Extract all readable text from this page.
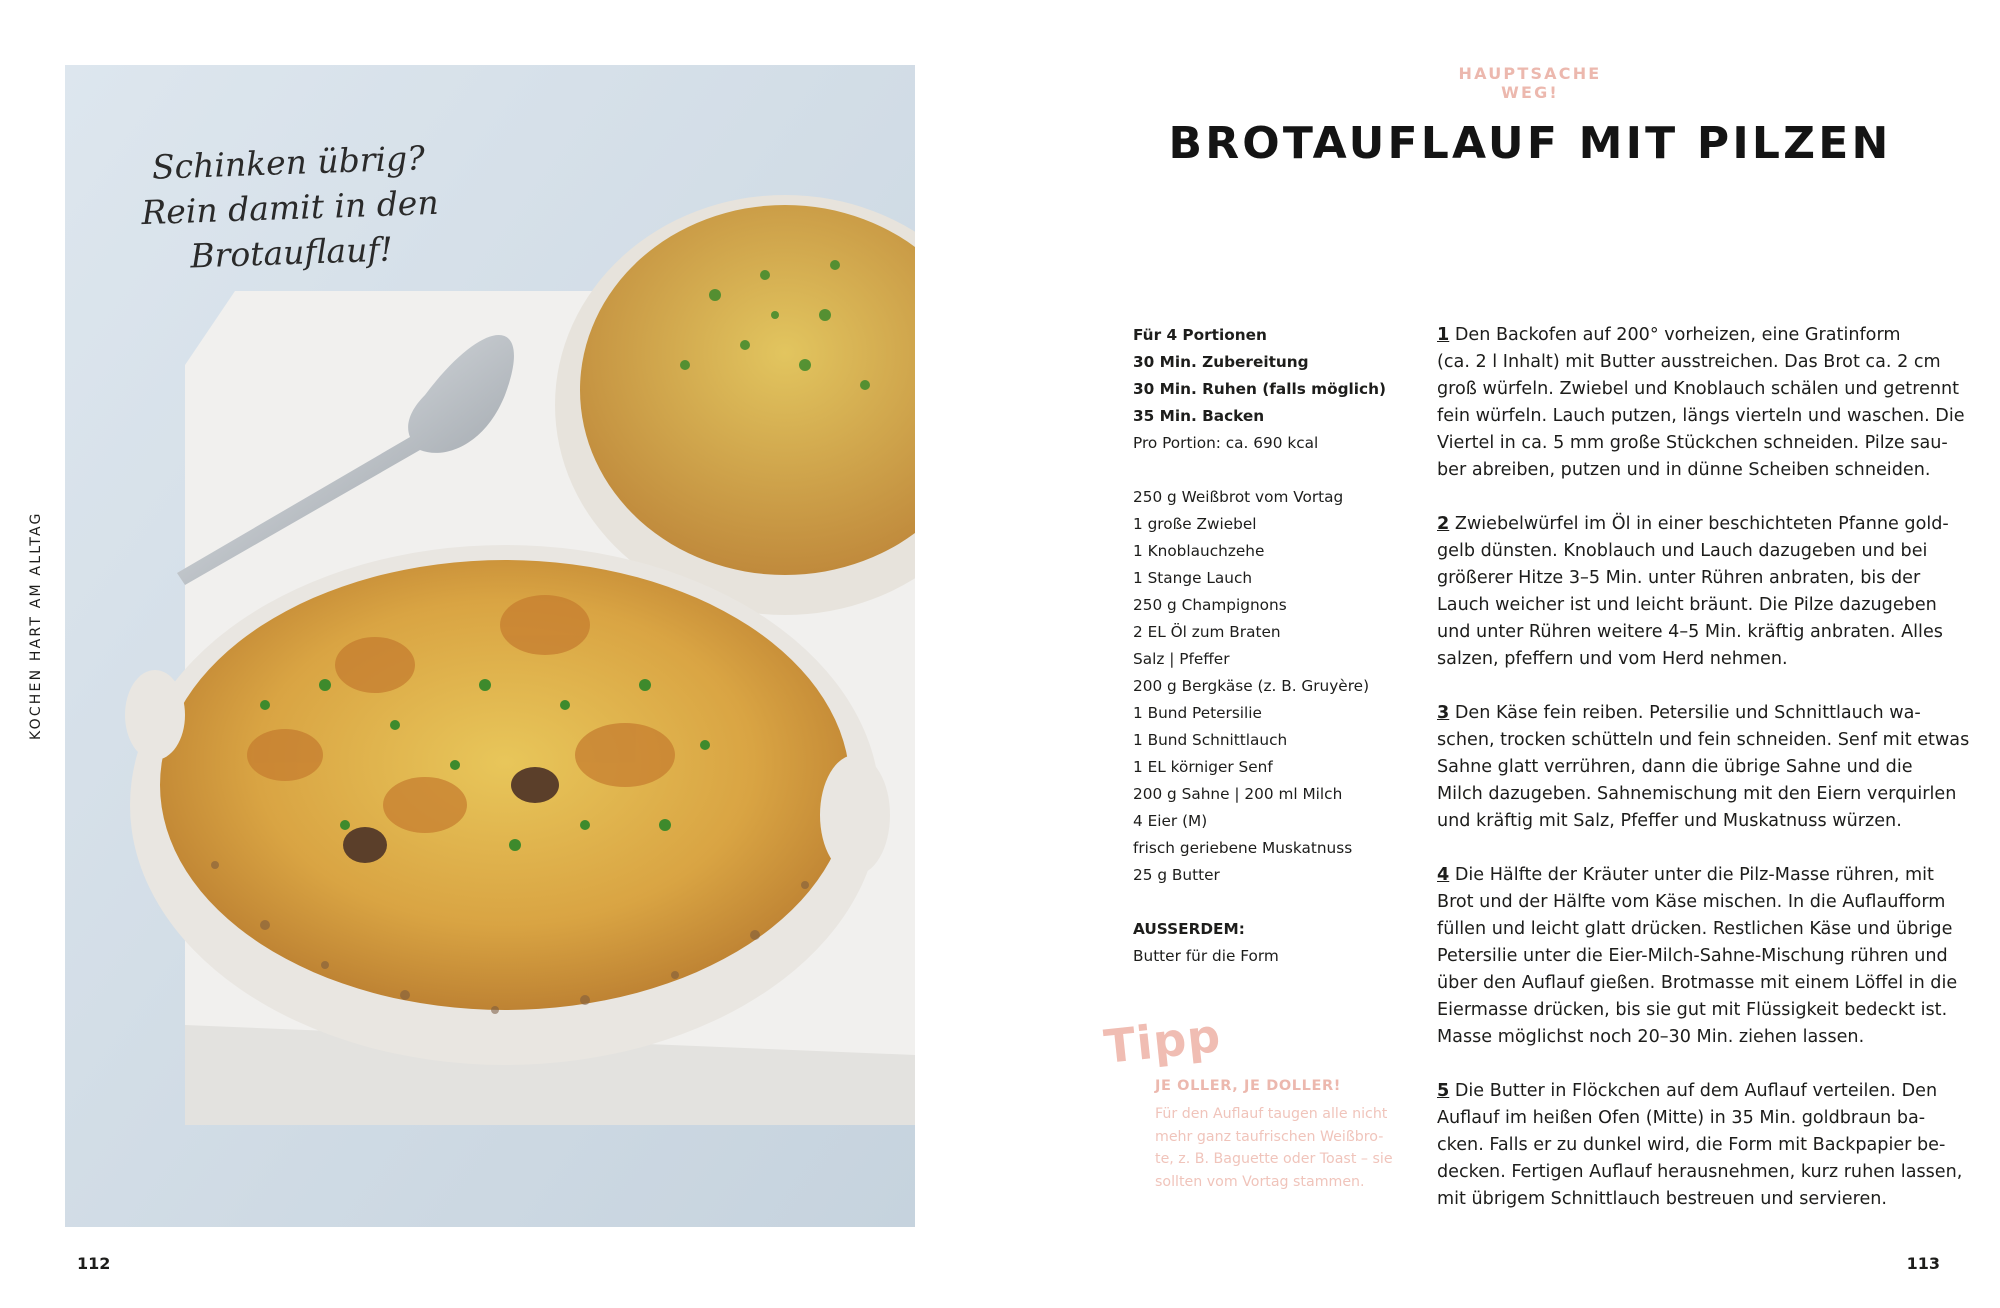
Schinken übrig?
Rein damit in den
Brotauflauf!
KOCHEN HART AM ALLTAG
112
HAUPTSACHE WEG!
BROTAUFLAUF MIT PILZEN
Für 4 Portionen
30 Min. Zubereitung
30 Min. Ruhen (falls möglich)
35 Min. Backen
Pro Portion: ca. 690 kcal
250 g Weißbrot vom Vortag
1 große Zwiebel
1 Knoblauchzehe
1 Stange Lauch
250 g Champignons
2 EL Öl zum Braten
Salz | Pfeffer
200 g Bergkäse (z. B. Gruyère)
1 Bund Petersilie
1 Bund Schnittlauch
1 EL körniger Senf
200 g Sahne | 200 ml Milch
4 Eier (M)
frisch geriebene Muskatnuss
25 g Butter
AUSSERDEM:
Butter für die Form

1 Den Backofen auf 200° vorheizen, eine Gratinform
(ca. 2 l Inhalt) mit Butter ausstreichen. Das Brot ca. 2 cm
groß würfeln. Zwiebel und Knoblauch schälen und getrennt
fein würfeln. Lauch putzen, längs vierteln und waschen. Die
Viertel in ca. 5 mm große Stückchen schneiden. Pilze sau-
ber abreiben, putzen und in dünne Scheiben schneiden.

2 Zwiebelwürfel im Öl in einer beschichteten Pfanne gold-
gelb dünsten. Knoblauch und Lauch dazugeben und bei
größerer Hitze 3–5 Min. unter Rühren anbraten, bis der
Lauch weicher ist und leicht bräunt. Die Pilze dazugeben
und unter Rühren weitere 4–5 Min. kräftig anbraten. Alles
salzen, pfeffern und vom Herd nehmen.

3 Den Käse fein reiben. Petersilie und Schnittlauch wa-
schen, trocken schütteln und fein schneiden. Senf mit etwas
Sahne glatt verrühren, dann die übrige Sahne und die
Milch dazugeben. Sahnemischung mit den Eiern verquirlen
und kräftig mit Salz, Pfeffer und Muskatnuss würzen.

4 Die Hälfte der Kräuter unter die Pilz-Masse rühren, mit
Brot und der Hälfte vom Käse mischen. In die Auflaufform
füllen und leicht glatt drücken. Restlichen Käse und übrige
Petersilie unter die Eier-Milch-Sahne-Mischung rühren und
über den Auflauf gießen. Brotmasse mit einem Löffel in die
Eiermasse drücken, bis sie gut mit Flüssigkeit bedeckt ist.
Masse möglichst noch 20–30 Min. ziehen lassen.

5 Die Butter in Flöckchen auf dem Auflauf verteilen. Den
Auflauf im heißen Ofen (Mitte) in 35 Min. goldbraun ba-
cken. Falls er zu dunkel wird, die Form mit Backpapier be-
decken. Fertigen Auflauf herausnehmen, kurz ruhen lassen,
mit übrigem Schnittlauch bestreuen und servieren.

Tipp
JE OLLER, JE DOLLER!
Für den Auflauf taugen alle nicht
mehr ganz taufrischen Weißbro-
te, z. B. Baguette oder Toast – sie
sollten vom Vortag stammen.
113
